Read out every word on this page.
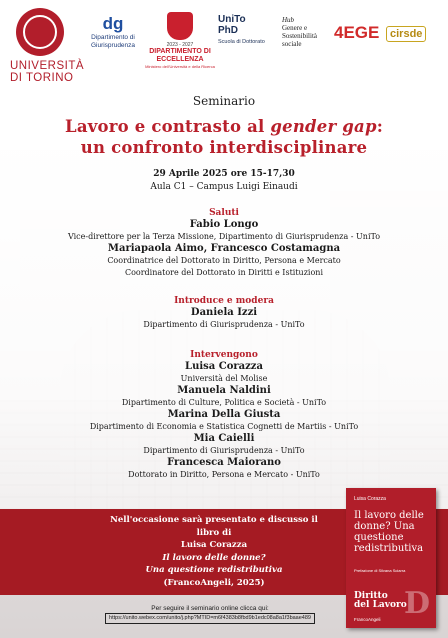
UNIVERSITÀ
DI TORINO
dg
Dipartimento di Giurisprudenza	2023 - 2027
DIPARTIMENTO DI ECCELLENZA
Ministero dell'Università e della Ricerca
UniTo PhD
Scuola di Dottorato
Hub
Genere e
Sostenibilità
sociale
4EGE cirsde
Seminario
Lavoro e contrasto al gender gap:
un confronto interdisciplinare
29 Aprile 2025 ore 15-17,30
Aula C1 – Campus Luigi Einaudi
Saluti
Fabio Longo
Vice-direttore per la Terza Missione, Dipartimento di Giurisprudenza - UniTo
Mariapaola Aimo, Francesco Costamagna
Coordinatrice del Dottorato in Diritto, Persona e Mercato
Coordinatore del Dottorato in Diritti e Istituzioni
Introduce e modera
Daniela Izzi
Dipartimento di Giurisprudenza - UniTo
Intervengono
Luisa Corazza
Università del Molise
Manuela Naldini
Dipartimento di Culture, Politica e Società - UniTo
Marina Della Giusta
Dipartimento di Economia e Statistica Cognetti de Martiis - UniTo
Mia Caielli
Dipartimento di Giurisprudenza - UniTo
Francesca Maiorano
Dottorato in Diritto, Persona e Mercato - UniTo
Nell'occasione sarà presentato e discusso il libro di
Luisa Corazza
Il lavoro delle donne?
Una questione redistributiva
(FrancoAngeli, 2025)
Per seguire il seminario online clicca qui:
https://unito.webex.com/unito/j.php?MTID=m6f4383b8fbd9b1edc08a8a1f3baae489
Luisa Corazza
Il lavoro delle donne? Una questione redistributiva
Prefazione di Silvana Sciarra
Diritto
del Lavoro
D
FrancoAngeli
